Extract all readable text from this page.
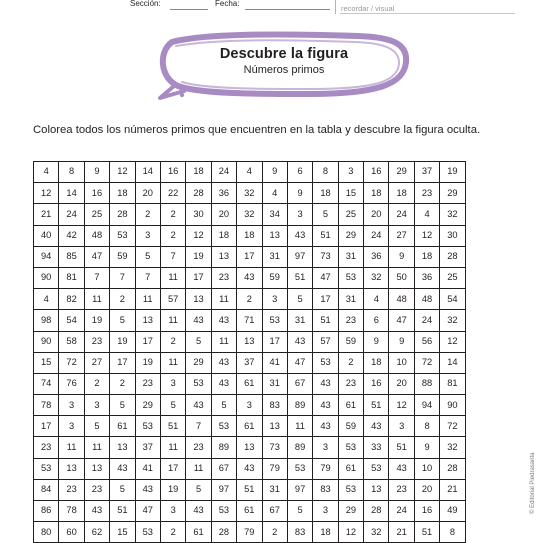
Sección:	Fecha:
recordar / visual
Descubre la figura
Números primos
Colorea todos los números primos que encuentren en la tabla y descubre la figura oculta.
4	8	9	12	14	16	18	24	4	9	6	8	3	16	29	37	19
12	14	16	18	20	22	28	36	32	4	9	18	15	18	18	23	29
21	24	25	28	2	2	30	20	32	34	3	5	25	20	24	4	32
40	42	48	53	3	2	12	18	18	13	43	51	29	24	27	12	30
94	85	47	59	5	7	19	13	17	31	97	73	31	36	9	18	28
90	81	7	7	7	11	17	23	43	59	51	47	53	32	50	36	25
4	82	11	2	11	57	13	11	2	3	5	17	31	4	48	48	54
98	54	19	5	13	11	43	43	71	53	31	51	23	6	47	24	32
90	58	23	19	17	2	5	11	13	17	43	57	59	9	9	56	12
15	72	27	17	19	11	29	43	37	41	47	53	2	18	10	72	14
74	76	2	2	23	3	53	43	61	31	67	43	23	16	20	88	81
78	3	3	5	29	5	43	5	3	83	89	43	61	51	12	94	90
17	3	5	61	53	51	7	53	61	13	11	43	59	43	3	8	72
23	11	11	13	37	11	23	89	13	73	89	3	53	33	51	9	32
53	13	13	43	41	17	11	67	43	79	53	79	61	53	43	10	28
84	23	23	5	43	19	5	97	51	31	97	83	53	13	23	20	21
86	78	43	51	47	3	43	53	61	67	5	3	29	28	24	16	49
80	60	62	15	53	2	61	28	79	2	83	18	12	32	21	51	8
© Editorial Piedrasanta
